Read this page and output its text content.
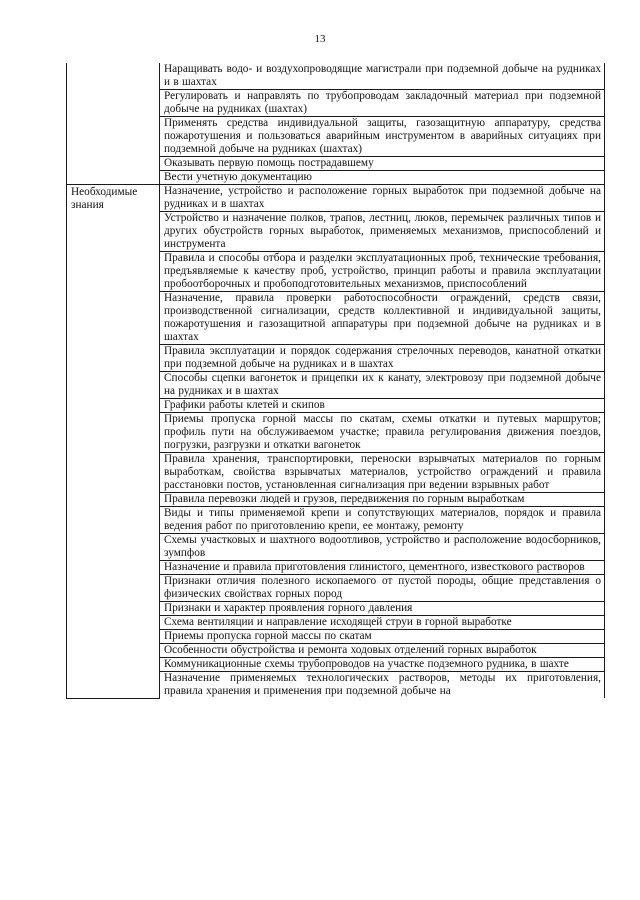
13
	Наращивать водо- и воздухопроводящие магистрали при подземной добыче на рудниках и в шахтах
	Регулировать и направлять по трубопроводам закладочный материал при подземной добыче на рудниках (шахтах)
	Применять средства индивидуальной защиты, газозащитную аппаратуру, средства пожаротушения и пользоваться аварийным инструментом в аварийных ситуациях при подземной добыче на рудниках (шахтах)
	Оказывать первую помощь пострадавшему
	Вести учетную документацию
Необходимые знания	Назначение, устройство и расположение горных выработок при подземной добыче на рудниках и в шахтах
	Устройство и назначение полков, трапов, лестниц, люков, перемычек различных типов и других обустройств горных выработок, применяемых механизмов, приспособлений и инструмента
	Правила и способы отбора и разделки эксплуатационных проб, технические требования, предъявляемые к качеству проб, устройство, принцип работы и правила эксплуатации пробоотборочных и пробоподготовительных механизмов, приспособлений
	Назначение, правила проверки работоспособности ограждений, средств связи, производственной сигнализации, средств коллективной и индивидуальной защиты, пожаротушения и газозащитной аппаратуры при подземной добыче на рудниках и в шахтах
	Правила эксплуатации и порядок содержания стрелочных переводов, канатной откатки при подземной добыче на рудниках и в шахтах
	Способы сцепки вагонеток и прицепки их к канату, электровозу при подземной добыче на рудниках и в шахтах
	Графики работы клетей и скипов
	Приемы пропуска горной массы по скатам, схемы откатки и путевых маршрутов; профиль пути на обслуживаемом участке; правила регулирования движения поездов, погрузки, разгрузки и откатки вагонеток
	Правила хранения, транспортировки, переноски взрывчатых материалов по горным выработкам, свойства взрывчатых материалов, устройство ограждений и правила расстановки постов, установленная сигнализация при ведении взрывных работ
	Правила перевозки людей и грузов, передвижения по горным выработкам
	Виды и типы применяемой крепи и сопутствующих материалов, порядок и правила ведения работ по приготовлению крепи, ее монтажу, ремонту
	Схемы участковых и шахтного водоотливов, устройство и расположение водосборников, зумпфов
	Назначение и правила приготовления глинистого, цементного, известкового растворов
	Признаки отличия полезного ископаемого от пустой породы, общие представления о физических свойствах горных пород
	Признаки и характер проявления горного давления
	Схема вентиляции и направление исходящей струи в горной выработке
	Приемы пропуска горной массы по скатам
	Особенности обустройства и ремонта ходовых отделений горных выработок
	Коммуникационные схемы трубопроводов на участке подземного рудника, в шахте
	Назначение применяемых технологических растворов, методы их приготовления, правила хранения и применения при подземной добыче на
